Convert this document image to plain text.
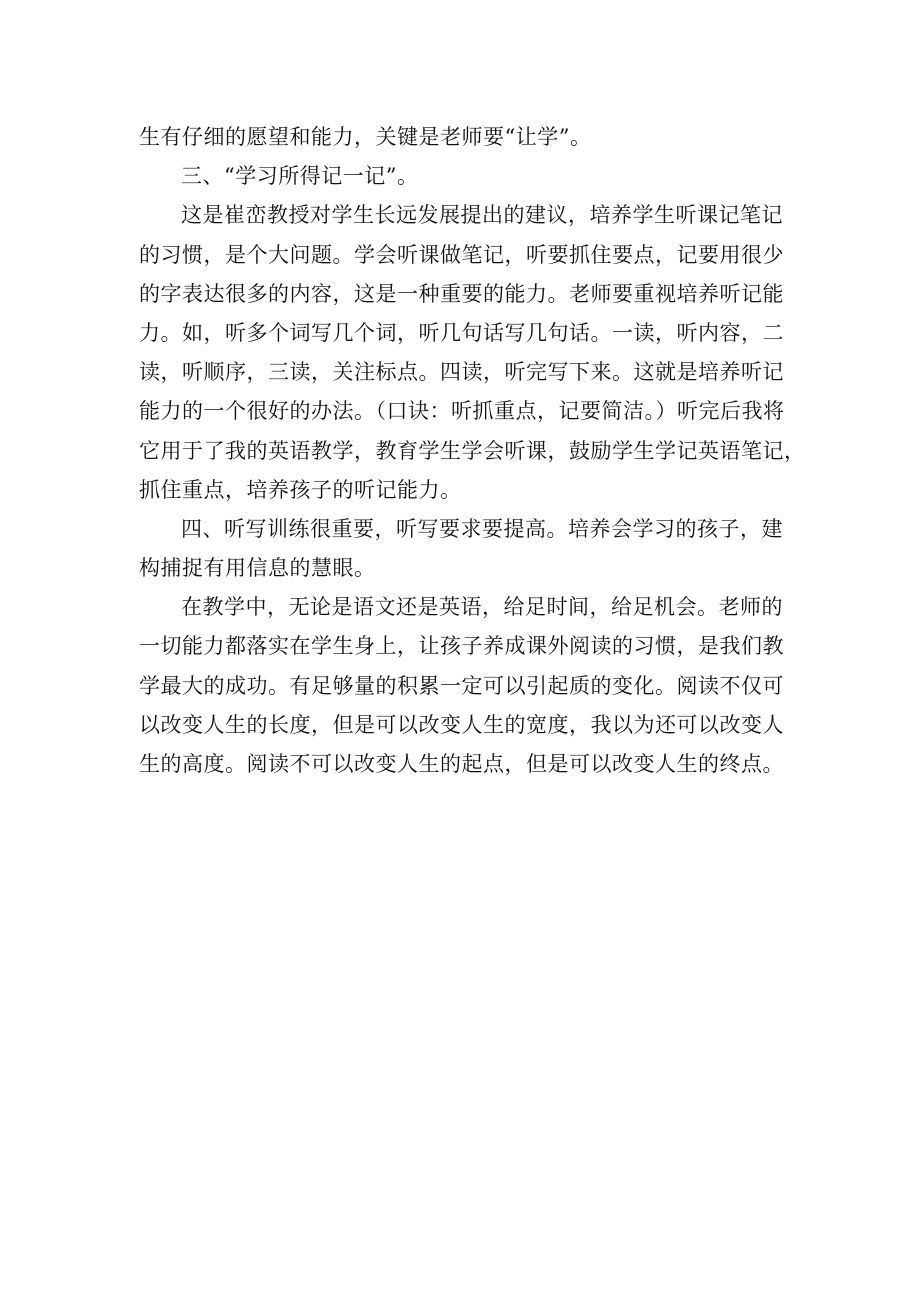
生有仔细的愿望和能力，关键是老师要“让学”。
三、“学习所得记一记”。
这是崔峦教授对学生长远发展提出的建议，培养学生听课记笔记
的习惯，是个大问题。学会听课做笔记，听要抓住要点，记要用很少
的字表达很多的内容，这是一种重要的能力。老师要重视培养听记能
力。如，听多个词写几个词，听几句话写几句话。一读，听内容，二
读，听顺序，三读，关注标点。四读，听完写下来。这就是培养听记
能力的一个很好的办法。（口诀：听抓重点，记要简洁。）听完后我将
它用于了我的英语教学，教育学生学会听课，鼓励学生学记英语笔记，
抓住重点，培养孩子的听记能力。
四、听写训练很重要，听写要求要提高。培养会学习的孩子，建
构捕捉有用信息的慧眼。
在教学中，无论是语文还是英语，给足时间，给足机会。老师的
一切能力都落实在学生身上，让孩子养成课外阅读的习惯，是我们教
学最大的成功。有足够量的积累一定可以引起质的变化。阅读不仅可
以改变人生的长度，但是可以改变人生的宽度，我以为还可以改变人
生的高度。阅读不可以改变人生的起点，但是可以改变人生的终点。
